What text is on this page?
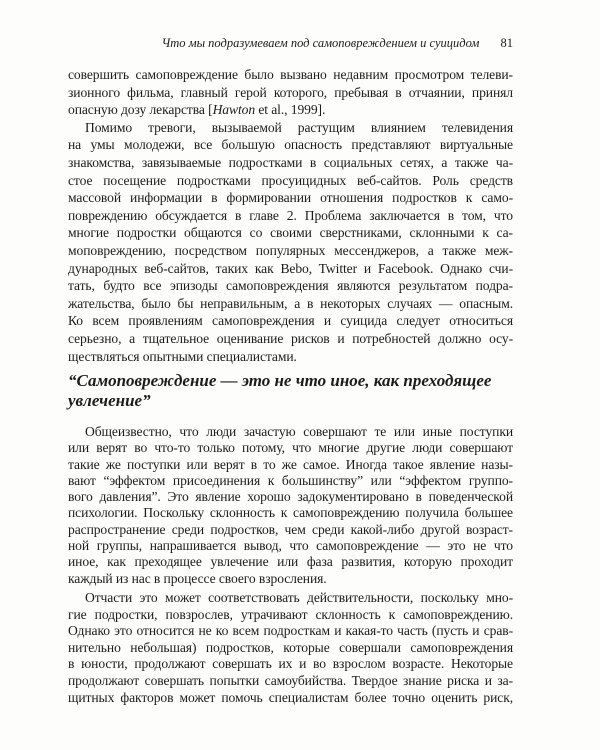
Что мы подразумеваем под самоповреждением и суицидом 81
совершить самоповреждение было вызвано недавним просмотром телеви-
зионного фильма, главный герой которого, пребывая в отчаянии, принял
опасную дозу лекарства [Hawton et al., 1999].
Помимо тревоги, вызываемой растущим влиянием телевидения
на умы молодежи, все большую опасность представляют виртуальные
знакомства, завязываемые подростками в социальных сетях, а также ча-
стое посещение подростками просуицидных веб-сайтов. Роль средств
массовой информации в формировании отношения подростков к само-
повреждению обсуждается в главе 2. Проблема заключается в том, что
многие подростки общаются со своими сверстниками, склонными к са-
моповреждению, посредством популярных мессенджеров, а также меж-
дународных веб-сайтов, таких как Bebo, Twitter и Facebook. Однако счи-
тать, будто все эпизоды самоповреждения являются результатом подра-
жательства, было бы неправильным, а в некоторых случаях — опасным.
Ко всем проявлениям самоповреждения и суицида следует относиться
серьезно, а тщательное оценивание рисков и потребностей должно осу-
ществляться опытными специалистами.
“Самоповреждение — это не что иное, как преходящее
увлечение”
Общеизвестно, что люди зачастую совершают те или иные поступки
или верят во что-то только потому, что многие другие люди совершают
такие же поступки или верят в то же самое. Иногда такое явление назы-
вают “эффектом присоединения к большинству” или “эффектом группо-
вого давления”. Это явление хорошо задокументировано в поведенческой
психологии. Поскольку склонность к самоповреждению получила большее
распространение среди подростков, чем среди какой-либо другой возраст-
ной группы, напрашивается вывод, что самоповреждение — это не что
иное, как преходящее увлечение или фаза развития, которую проходит
каждый из нас в процессе своего взросления.
Отчасти это может соответствовать действительности, поскольку мно-
гие подростки, повзрослев, утрачивают склонность к самоповреждению.
Однако это относится не ко всем подросткам и какая-то часть (пусть и срав-
нительно небольшая) подростков, которые совершали самоповреждения
в юности, продолжают совершать их и во взрослом возрасте. Некоторые
продолжают совершать попытки самоубийства. Твердое знание риска и за-
щитных факторов может помочь специалистам более точно оценить риск,
